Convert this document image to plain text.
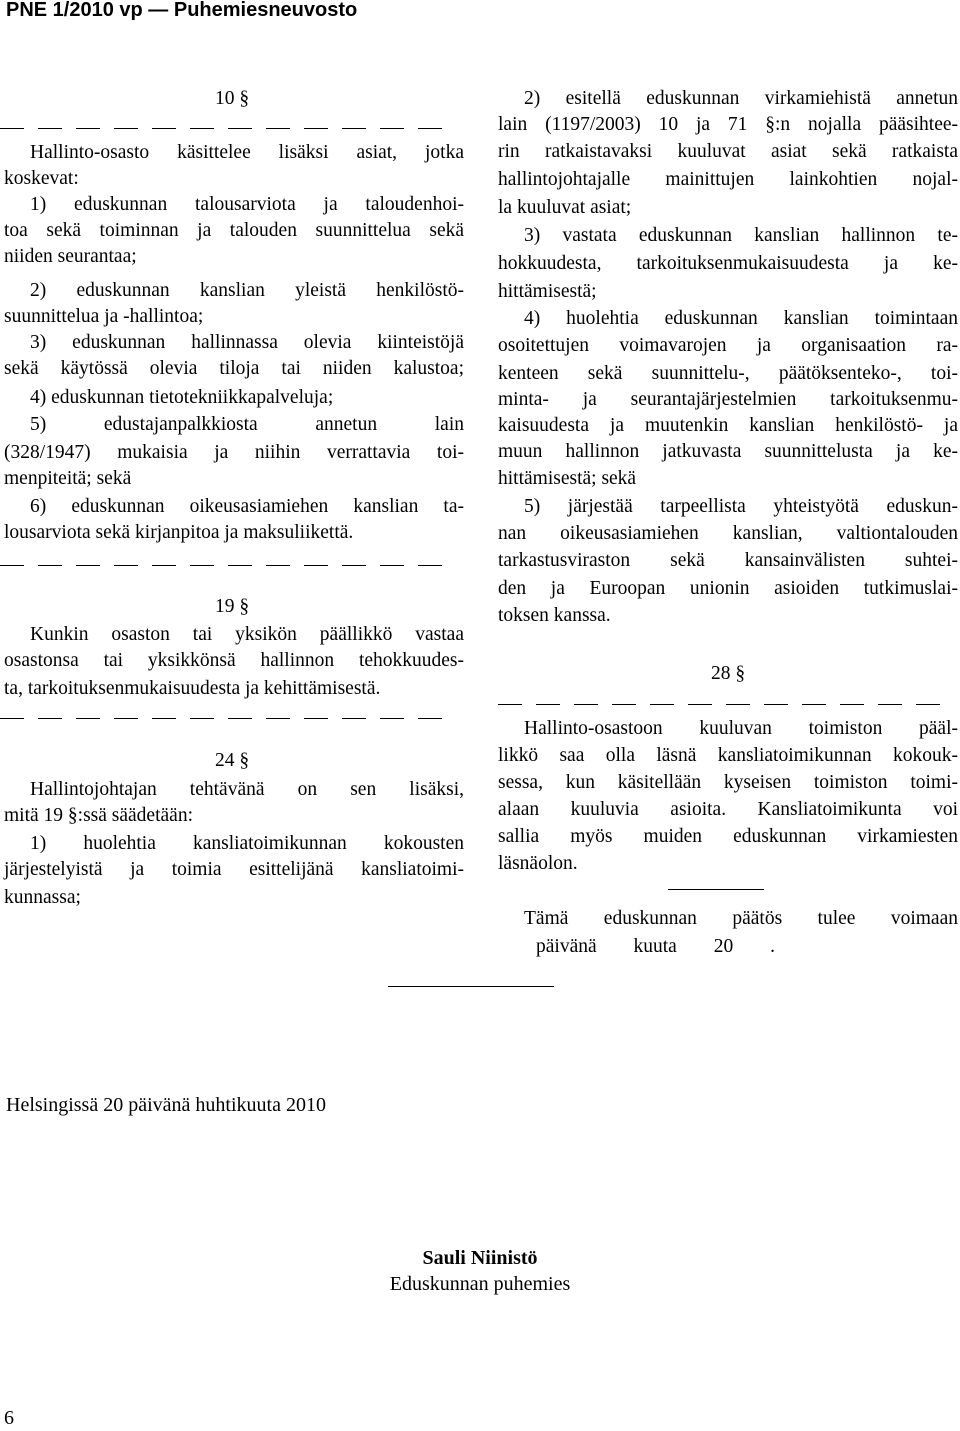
PNE 1/2010 vp — Puhemiesneuvosto
10 §
Hallinto-osasto käsittelee lisäksi asiat, jotka
koskevat:
1) eduskunnan talousarviota ja taloudenhoi-
toa sekä toiminnan ja talouden suunnittelua sekä
niiden seurantaa;
2) eduskunnan kanslian yleistä henkilöstö-
suunnittelua ja -hallintoa;
3) eduskunnan hallinnassa olevia kiinteistöjä
sekä käytössä olevia tiloja tai niiden kalustoa;
4) eduskunnan tietotekniikkapalveluja;
5) edustajanpalkkiosta annetun lain
(328/1947) mukaisia ja niihin verrattavia toi-
menpiteitä; sekä
6) eduskunnan oikeusasiamiehen kanslian ta-
lousarviota sekä kirjanpitoa ja maksuliikettä.
19 §
Kunkin osaston tai yksikön päällikkö vastaa
osastonsa tai yksikkönsä hallinnon tehokkuudes-
ta, tarkoituksenmukaisuudesta ja kehittämisestä.
24 §
Hallintojohtajan tehtävänä on sen lisäksi,
mitä 19 §:ssä säädetään:
1) huolehtia kansliatoimikunnan kokousten
järjestelyistä ja toimia esittelijänä kansliatoimi-
kunnassa;
2) esitellä eduskunnan virkamiehistä annetun
lain (1197/2003) 10 ja 71 §:n nojalla pääsihtee-
rin ratkaistavaksi kuuluvat asiat sekä ratkaista
hallintojohtajalle mainittujen lainkohtien nojal-
la kuuluvat asiat;
3) vastata eduskunnan kanslian hallinnon te-
hokkuudesta, tarkoituksenmukaisuudesta ja ke-
hittämisestä;
4) huolehtia eduskunnan kanslian toimintaan
osoitettujen voimavarojen ja organisaation ra-
kenteen sekä suunnittelu-, päätöksenteko-, toi-
minta- ja seurantajärjestelmien tarkoituksenmu-
kaisuudesta ja muutenkin kanslian henkilöstö- ja
muun hallinnon jatkuvasta suunnittelusta ja ke-
hittämisestä; sekä
5) järjestää tarpeellista yhteistyötä eduskun-
nan oikeusasiamiehen kanslian, valtiontalouden
tarkastusviraston sekä kansainvälisten suhtei-
den ja Euroopan unionin asioiden tutkimuslai-
toksen kanssa.
28 §
Hallinto-osastoon kuuluvan toimiston pääl-
likkö saa olla läsnä kansliatoimikunnan kokouk-
sessa, kun käsitellään kyseisen toimiston toimi-
alaan kuuluvia asioita. Kansliatoimikunta voi
sallia myös muiden eduskunnan virkamiesten
läsnäolon.
Tämä eduskunnan päätös tulee voimaan
päivänä kuuta 20 .
Helsingissä 20 päivänä huhtikuuta 2010
Sauli Niinistö
Eduskunnan puhemies
6
